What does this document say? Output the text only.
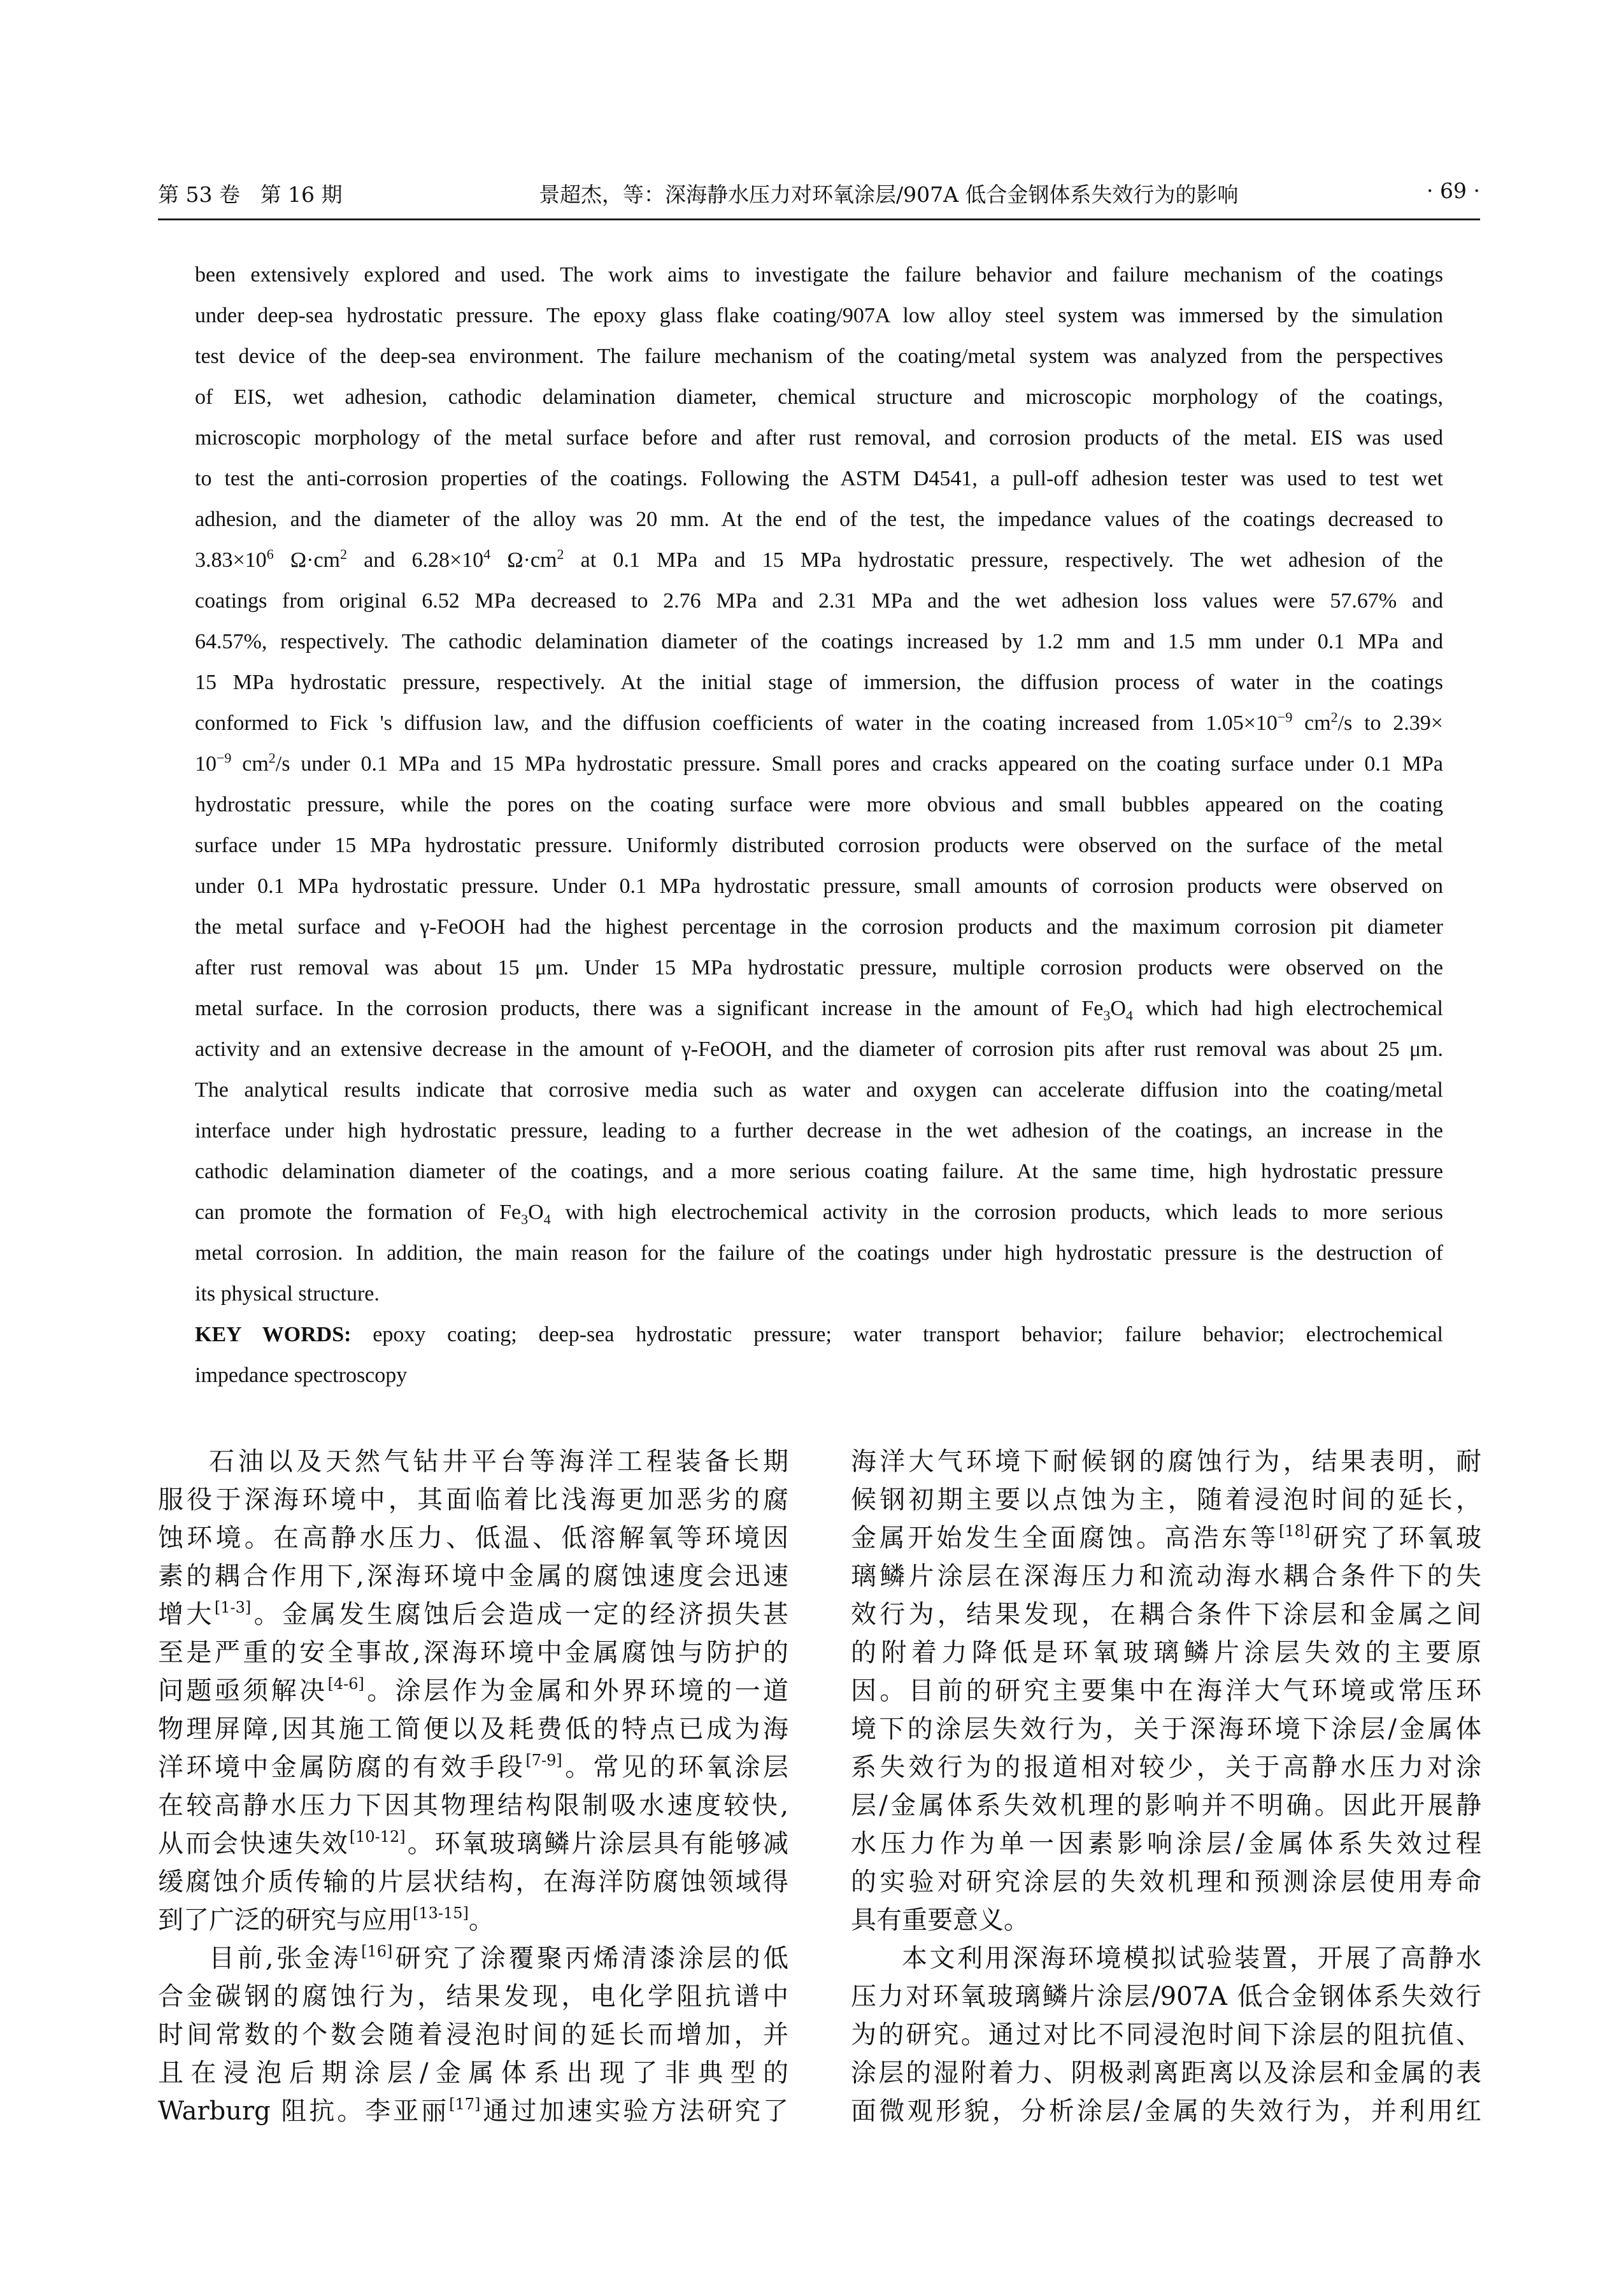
第 53 卷 第 16 期	景超杰，等：深海静水压力对环氧涂层/907A 低合金钢体系失效行为的影响	· 69 ·
been extensively explored and used. The work aims to investigate the failure behavior and failure mechanism of the coatings
under deep-sea hydrostatic pressure. The epoxy glass flake coating/907A low alloy steel system was immersed by the simulation
test device of the deep-sea environment. The failure mechanism of the coating/metal system was analyzed from the perspectives
of EIS, wet adhesion, cathodic delamination diameter, chemical structure and microscopic morphology of the coatings,
microscopic morphology of the metal surface before and after rust removal, and corrosion products of the metal. EIS was used
to test the anti-corrosion properties of the coatings. Following the ASTM D4541, a pull-off adhesion tester was used to test wet
adhesion, and the diameter of the alloy was 20 mm. At the end of the test, the impedance values of the coatings decreased to
$3.83\times 10^6$ $\Omega\cdot cm^2$ and $6.28\times 10^4$ $\Omega\cdot cm^2$ at 0.1 MPa and 15 MPa hydrostatic pressure, respectively. The wet adhesion of the
coatings from original 6.52 MPa decreased to 2.76 MPa and 2.31 MPa and the wet adhesion loss values were 57.67% and
64.57%, respectively. The cathodic delamination diameter of the coatings increased by 1.2 mm and 1.5 mm under 0.1 MPa and
15 MPa hydrostatic pressure, respectively. At the initial stage of immersion, the diffusion process of water in the coatings
conformed to Fick 's diffusion law, and the diffusion coefficients of water in the coating increased from $1.05\times 10^{-9}$ $cm^2/s$ to 2.39×
$10^{-9}$ $cm^2/s$ under 0.1 MPa and 15 MPa hydrostatic pressure. Small pores and cracks appeared on the coating surface under 0.1 MPa
hydrostatic pressure, while the pores on the coating surface were more obvious and small bubbles appeared on the coating
surface under 15 MPa hydrostatic pressure. Uniformly distributed corrosion products were observed on the surface of the metal
under 0.1 MPa hydrostatic pressure. Under 0.1 MPa hydrostatic pressure, small amounts of corrosion products were observed on
the metal surface and γ-FeOOH had the highest percentage in the corrosion products and the maximum corrosion pit diameter
after rust removal was about 15 μm. Under 15 MPa hydrostatic pressure, multiple corrosion products were observed on the
metal surface. In the corrosion products, there was a significant increase in the amount of $Fe_3O_4$ which had high electrochemical
activity and an extensive decrease in the amount of γ-FeOOH, and the diameter of corrosion pits after rust removal was about 25 μm.
The analytical results indicate that corrosive media such as water and oxygen can accelerate diffusion into the coating/metal
interface under high hydrostatic pressure, leading to a further decrease in the wet adhesion of the coatings, an increase in the
cathodic delamination diameter of the coatings, and a more serious coating failure. At the same time, high hydrostatic pressure
can promote the formation of $Fe_3O_4$ with high electrochemical activity in the corrosion products, which leads to more serious
metal corrosion. In addition, the main reason for the failure of the coatings under high hydrostatic pressure is the destruction of
its physical structure.
KEY WORDS: epoxy coating; deep-sea hydrostatic pressure; water transport behavior; failure behavior; electrochemical
impedance spectroscopy
石油以及天然气钻井平台等海洋工程装备长期
服役于深海环境中，其面临着比浅海更加恶劣的腐
蚀环境。在高静水压力、低温、低溶解氧等环境因
素的耦合作用下,深海环境中金属的腐蚀速度会迅速
增大[1-3]。金属发生腐蚀后会造成一定的经济损失甚
至是严重的安全事故,深海环境中金属腐蚀与防护的
问题亟须解决[4-6]。涂层作为金属和外界环境的一道
物理屏障,因其施工简便以及耗费低的特点已成为海
洋环境中金属防腐的有效手段[7-9]。常见的环氧涂层
在较高静水压力下因其物理结构限制吸水速度较快,
从而会快速失效[10-12]。环氧玻璃鳞片涂层具有能够减
缓腐蚀介质传输的片层状结构，在海洋防腐蚀领域得
到了广泛的研究与应用[13-15]。
目前,张金涛[16]研究了涂覆聚丙烯清漆涂层的低
合金碳钢的腐蚀行为，结果发现，电化学阻抗谱中
时间常数的个数会随着浸泡时间的延长而增加，并
且在浸泡后期涂层/金属体系出现了非典型的
Warburg 阻抗。李亚丽[17]通过加速实验方法研究了
海洋大气环境下耐候钢的腐蚀行为，结果表明，耐
候钢初期主要以点蚀为主，随着浸泡时间的延长，
金属开始发生全面腐蚀。高浩东等[18]研究了环氧玻
璃鳞片涂层在深海压力和流动海水耦合条件下的失
效行为，结果发现，在耦合条件下涂层和金属之间
的附着力降低是环氧玻璃鳞片涂层失效的主要原
因。目前的研究主要集中在海洋大气环境或常压环
境下的涂层失效行为，关于深海环境下涂层/金属体
系失效行为的报道相对较少，关于高静水压力对涂
层/金属体系失效机理的影响并不明确。因此开展静
水压力作为单一因素影响涂层/金属体系失效过程
的实验对研究涂层的失效机理和预测涂层使用寿命
具有重要意义。
本文利用深海环境模拟试验装置，开展了高静水
压力对环氧玻璃鳞片涂层/907A 低合金钢体系失效行
为的研究。通过对比不同浸泡时间下涂层的阻抗值、
涂层的湿附着力、阴极剥离距离以及涂层和金属的表
面微观形貌，分析涂层/金属的失效行为，并利用红
